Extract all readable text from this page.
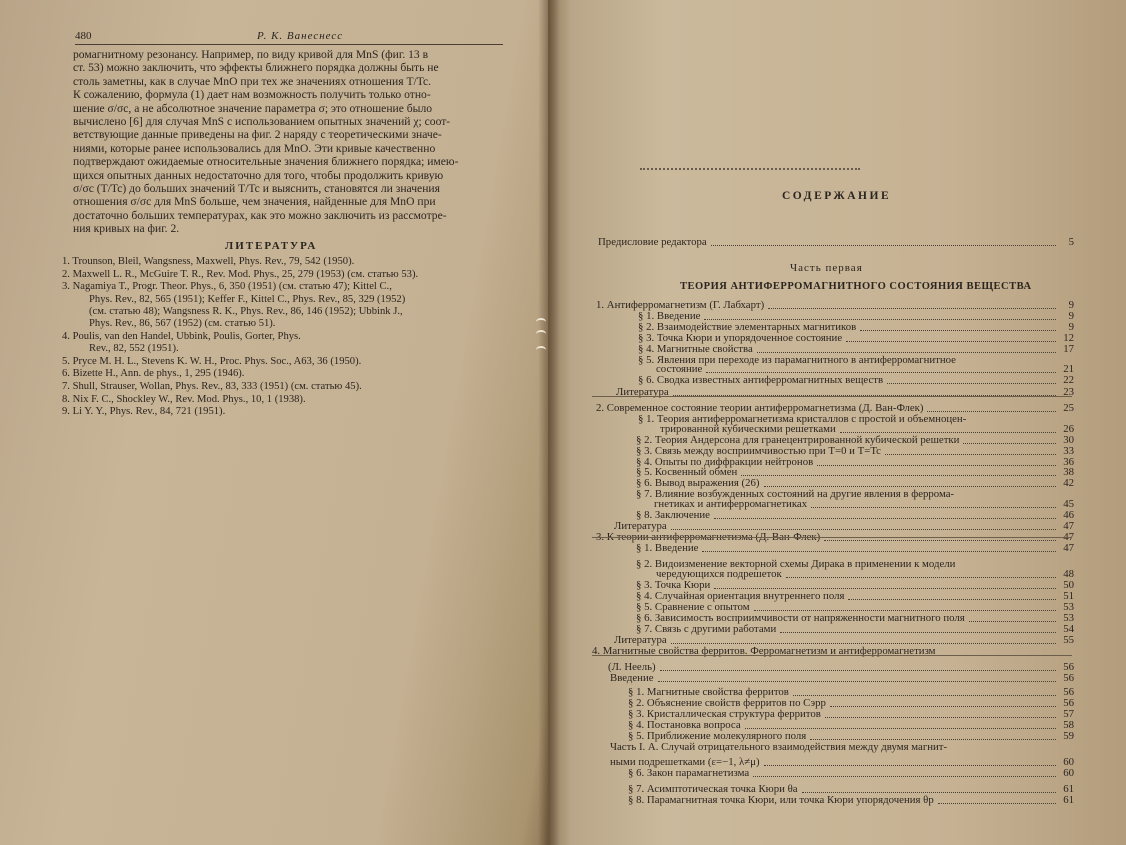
480	Р. К. Ванеснесс

ромагнитному резонансу. Например, по виду кривой для MnS (фиг. 13 в

ст. 53) можно заключить, что эффекты ближнего порядка должны быть не

столь заметны, как в случае MnO при тех же значениях отношения T/Tc.

К сожалению, формула (1) дает нам возможность получить только отно-

шение σ/σc, а не абсолютное значение параметра σ; это отношение было

вычислено [6] для случая MnS с использованием опытных значений χ; соот-

ветствующие данные приведены на фиг. 2 наряду с теоретическими значе-

ниями, которые ранее использовались для MnO. Эти кривые качественно

подтверждают ожидаемые относительные значения ближнего порядка; имею-

щихся опытных данных недостаточно для того, чтобы продолжить кривую

σ/σc (T/Tc) до больших значений T/Tc и выяснить, становятся ли значения

отношения σ/σc для MnS больше, чем значения, найденные для MnO при

достаточно больших температурах, как это можно заключить из рассмотре-

ния кривых на фиг. 2.

ЛИТЕРАТУРА
1. Trounson, Bleil, Wangsness, Maxwell, Phys. Rev., 79, 542 (1950).
2. Maxwell L. R., McGuire T. R., Rev. Mod. Phys., 25, 279 (1953) (см. статью 53).
3. Nagamiya T., Progr. Theor. Phys., 6, 350 (1951) (см. статью 47); Kittel C.,
Phys. Rev., 82, 565 (1951); Keffer F., Kittel C., Phys. Rev., 85, 329 (1952)
(см. статью 48); Wangsness R. K., Phys. Rev., 86, 146 (1952); Ubbink J.,
Phys. Rev., 86, 567 (1952) (см. статью 51).
4. Poulis, van den Handel, Ubbink, Poulis, Gorter, Phys.
Rev., 82, 552 (1951).
5. Pryce M. H. L., Stevens K. W. H., Proc. Phys. Soc., A63, 36 (1950).
6. Bizette H., Ann. de phys., 1, 295 (1946).
7. Shull, Strauser, Wollan, Phys. Rev., 83, 333 (1951) (см. статью 45).
8. Nix F. C., Shockley W., Rev. Mod. Phys., 10, 1 (1938).
9. Li Y. Y., Phys. Rev., 84, 721 (1951).
СОДЕРЖАНИЕ
Часть первая
ТЕОРИЯ АНТИФЕРРОМАГНИТНОГО СОСТОЯНИЯ ВЕЩЕСТВА
Предисловие редактора	5
1. Антиферромагнетизм (Г. Лабхарт)	9
§ 1. Введение	9
§ 2. Взаимодействие элементарных магнитиков	9
§ 3. Точка Кюри и упорядоченное состояние	12
§ 4. Магнитные свойства	17
§ 5. Явления при переходе из парамагнитного в антиферромагнитное
состояние	21
§ 6. Сводка известных антиферромагнитных веществ	22
Литература	23
2. Современное состояние теории антиферромагнетизма (Д. Ван-Флек)	25
§ 1. Теория антиферромагнетизма кристаллов с простой и объемноцен-
трированной кубическими решетками	26
§ 2. Теория Андерсона для гранецентрированной кубической решетки	30
§ 3. Связь между восприимчивостью при T=0 и T=Tc	33
§ 4. Опыты по диффракции нейтронов	36
§ 5. Косвенный обмен	38
§ 6. Вывод выражения (26)	42
§ 7. Влияние возбужденных состояний на другие явления в феррома-
гнетиках и антиферромагнетиках	45
§ 8. Заключение	46
Литература	47
3. К теории антиферромагнетизма (Д. Ван-Флек)	47
§ 1. Введение	47
§ 2. Видоизменение векторной схемы Дирака в применении к модели
чередующихся подрешеток	48
§ 3. Точка Кюри	50
§ 4. Случайная ориентация внутреннего поля	51
§ 5. Сравнение с опытом	53
§ 6. Зависимость восприимчивости от напряженности магнитного поля	53
§ 7. Связь с другими работами	54
Литература	55
4. Магнитные свойства ферритов. Ферромагнетизм и антиферромагнетизм
(Л. Неель)	56
Введение	56
§ 1. Магнитные свойства ферритов	56
§ 2. Объяснение свойств ферритов по Сэрр	56
§ 3. Кристаллическая структура ферритов	57
§ 4. Постановка вопроса	58
§ 5. Приближение молекулярного поля	59
Часть I. А. Случай отрицательного взаимодействия между двумя магнит-
ными подрешетками (ε=−1, λ≠μ)	60
§ 6. Закон парамагнетизма	60
§ 7. Асимптотическая точка Кюри θa	61
§ 8. Парамагнитная точка Кюри, или точка Кюри упорядочения θp	61
